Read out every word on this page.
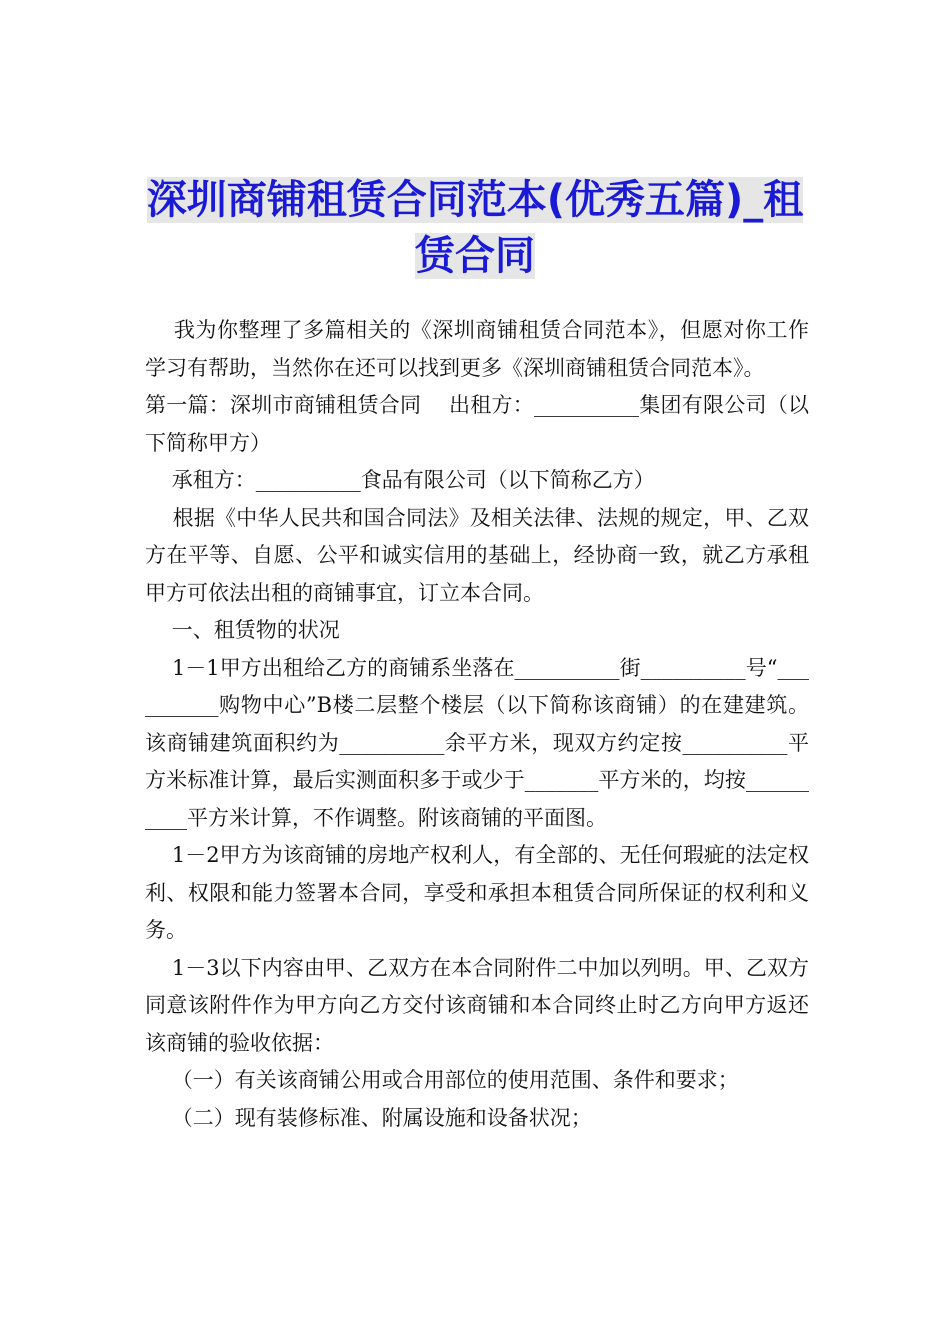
深圳商铺租赁合同范本(优秀五篇)_租赁合同

我为你整理了多篇相关的《深圳商铺租赁合同范本》，但愿对你工作学习有帮助，当然你在还可以找到更多《深圳商铺租赁合同范本》。

第一篇：深圳市商铺租赁合同    出租方：__________集团有限公司（以下简称甲方）

承租方：__________食品有限公司（以下简称乙方）

根据《中华人民共和国合同法》及相关法律、法规的规定，甲、乙双方在平等、自愿、公平和诚实信用的基础上，经协商一致，就乙方承租甲方可依法出租的商铺事宜，订立本合同。

一、租赁物的状况

1－1甲方出租给乙方的商铺系坐落在__________街__________号“__________购物中心”B楼二层整个楼层（以下简称该商铺）的在建建筑。该商铺建筑面积约为__________余平方米，现双方约定按__________平方米标准计算，最后实测面积多于或少于_______平方米的，均按__________平方米计算，不作调整。附该商铺的平面图。

1－2甲方为该商铺的房地产权利人，有全部的、无任何瑕疵的法定权利、权限和能力签署本合同，享受和承担本租赁合同所保证的权利和义务。

1－3以下内容由甲、乙双方在本合同附件二中加以列明。甲、乙双方同意该附件作为甲方向乙方交付该商铺和本合同终止时乙方向甲方返还该商铺的验收依据：

（一）有关该商铺公用或合用部位的使用范围、条件和要求；

（二）现有装修标准、附属设施和设备状况；
